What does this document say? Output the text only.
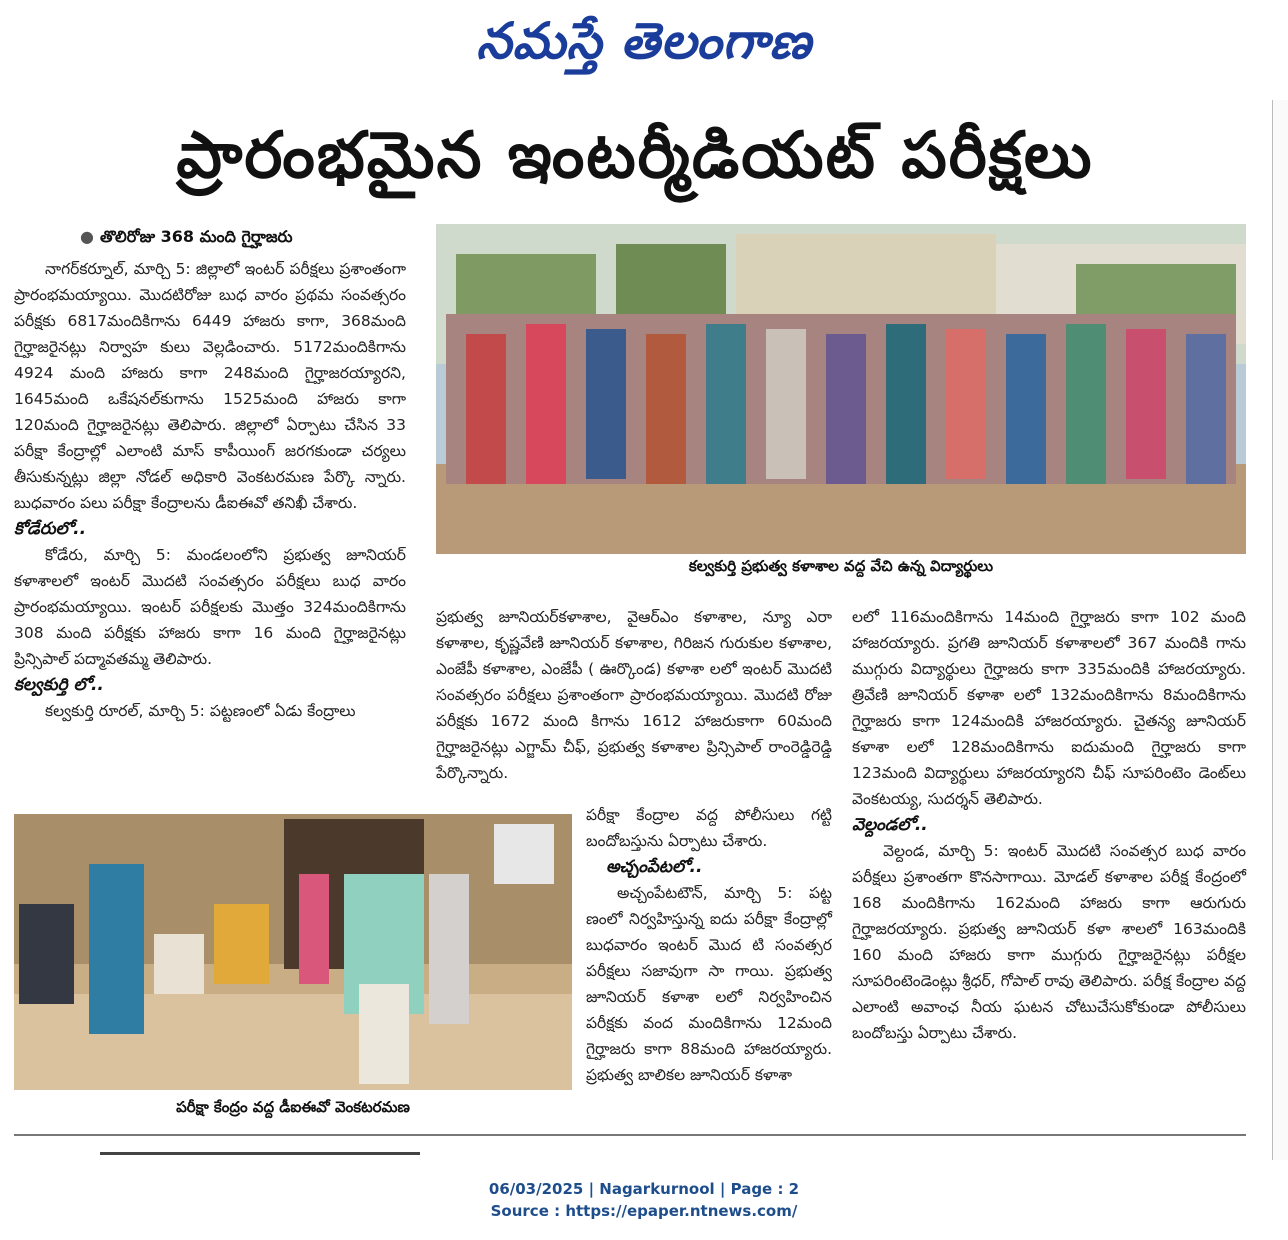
నమస్తే తెలంగాణ
ప్రారంభమైన ఇంటర్మీడియట్ పరీక్షలు
● తొలిరోజు 368 మంది గైర్హాజరు

నాగర్‌కర్నూల్, మార్చి 5: జిల్లాలో ఇంటర్ పరీక్షలు ప్రశాంతంగా ప్రారంభమయ్యాయి. మొదటిరోజు బుధ వారం ప్రథమ సంవత్సరం పరీక్షకు 6817మందికిగాను 6449 హాజరు కాగా, 368మంది గైర్హాజరైనట్లు నిర్వాహ కులు వెల్లడించారు. 5172మందికిగాను 4924 మంది హాజరు కాగా 248మంది గైర్హాజరయ్యారని, 1645మంది ఒకేషనల్‌కుగాను 1525మంది హాజరు కాగా 120మంది గైర్హాజరైనట్లు తెలిపారు. జిల్లాలో ఏర్పాటు చేసిన 33 పరీక్షా కేంద్రాల్లో ఎలాంటి మాస్ కాపీయింగ్ జరగకుండా చర్యలు తీసుకున్నట్లు జిల్లా నోడల్ అధికారి వెంకటరమణ పేర్కొ న్నారు. బుధవారం పలు పరీక్షా కేంద్రాలను డీఐఈవో తనిఖీ చేశారు.

కోడేరులో..

కోడేరు, మార్చి 5: మండలంలోని ప్రభుత్వ జూనియర్ కళాశాలలో ఇంటర్ మొదటి సంవత్సరం పరీక్షలు బుధ వారం ప్రారంభమయ్యాయి. ఇంటర్ పరీక్షలకు మొత్తం 324మందికిగాను 308 మంది పరీక్షకు హాజరు కాగా 16 మంది గైర్హాజరైనట్లు ప్రిన్సిపాల్ పద్మావతమ్మ తెలిపారు.

కల్వకుర్తి లో..

కల్వకుర్తి రూరల్, మార్చి 5: పట్టణంలో ఏడు కేంద్రాలు

కల్వకుర్తి ప్రభుత్వ కళాశాల వద్ద వేచి ఉన్న విద్యార్థులు

ప్రభుత్వ జూనియర్‌కళాశాల, వైఆర్ఎం కళాశాల, న్యూ ఎరా కళాశాల, కృష్ణవేణి జూనియర్ కళాశాల, గిరిజన గురుకుల కళాశాల, ఎంజేపీ కళాశాల, ఎంజేపీ ( ఊర్కొండ) కళాశా లలో ఇంటర్ మొదటి సంవత్సరం పరీక్షలు ప్రశాంతంగా ప్రారంభమయ్యాయి. మొదటి రోజు పరీక్షకు 1672 మంది కిగాను 1612 హాజరుకాగా 60మంది గైర్హాజరైనట్లు ఎగ్జామ్ చీఫ్, ప్రభుత్వ కళాశాల ప్రిన్సిపాల్ రాంరెడ్డిరెడ్డి పేర్కొన్నారు.

పరీక్షా కేంద్రాల వద్ద పోలీసులు గట్టి బందోబస్తును ఏర్పాటు చేశారు.

అచ్చంపేటలో..

అచ్చంపేటటౌన్, మార్చి 5: పట్ట ణంలో నిర్వహిస్తున్న ఐదు పరీక్షా కేంద్రాల్లో బుధవారం ఇంటర్ మొద టి సంవత్సర పరీక్షలు సజావుగా సా గాయి. ప్రభుత్వ జూనియర్ కళాశా లలో నిర్వహించిన పరీక్షకు వంద మందికిగాను 12మంది గైర్హాజరు కాగా 88మంది హాజరయ్యారు. ప్రభుత్వ బాలికల జూనియర్ కళాశా

లలో 116మందికిగాను 14మంది గైర్హాజరు కాగా 102 మంది హాజరయ్యారు. ప్రగతి జూనియర్ కళాశాలలో 367 మందికి గాను ముగ్గురు విద్యార్థులు గైర్హాజరు కాగా 335మందికి హాజరయ్యారు. త్రివేణి జూనియర్ కళాశా లలో 132మందికిగాను 8మందికిగాను గైర్హాజరు కాగా 124మందికి హాజరయ్యారు. చైతన్య జూనియర్ కళాశా లలో 128మందికిగాను ఐదుమంది గైర్హాజరు కాగా 123మంది విద్యార్థులు హాజరయ్యారని చీఫ్ సూపరింటెం డెంట్‌లు వెంకటయ్య, సుదర్శన్ తెలిపారు.

వెల్దండలో..

వెల్దండ, మార్చి 5: ఇంటర్ మొదటి సంవత్సర బుధ వారం పరీక్షలు ప్రశాంతగా కొనసాగాయి. మోడల్ కళాశాల పరీక్ష కేంద్రంలో 168 మందికిగాను 162మంది హాజరు కాగా ఆరుగురు గైర్హాజరయ్యారు. ప్రభుత్వ జూనియర్ కళా శాలలో 163మందికి 160 మంది హాజరు కాగా ముగ్గురు గైర్హాజరైనట్లు పరీక్షల సూపరింటెండెంట్లు శ్రీధర్, గోపాల్ రావు తెలిపారు. పరీక్ష కేంద్రాల వద్ద ఎలాంటి అవాంఛ నీయ ఘటన చోటుచేసుకోకుండా పోలీసులు బందోబస్తు ఏర్పాటు చేశారు.

పరీక్షా కేంద్రం వద్ద డీఐఈవో వెంకటరమణ
06/03/2025 | Nagarkurnool | Page : 2
Source : https://epaper.ntnews.com/
